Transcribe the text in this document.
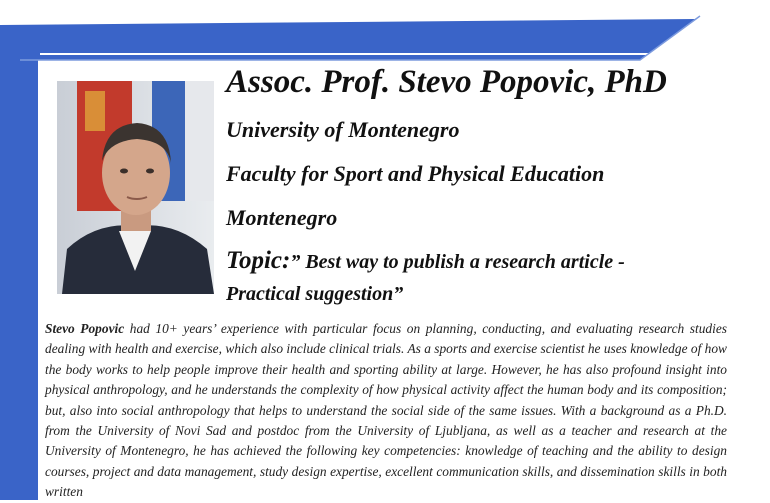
Assoc. Prof. Stevo Popovic, PhD

University of Montenegro

Faculty for Sport and Physical Education

Montenegro

Topic:” Best way to publish a research article -

Practical suggestion”

Stevo Popovic had 10+ years’ experience with particular focus on planning, conducting, and evaluating research studies dealing with health and exercise, which also include clinical trials. As a sports and exercise scientist he uses knowledge of how the body works to help people improve their health and sporting ability at large. However, he has also profound insight into physical anthropology, and he understands the complexity of how physical activity affect the human body and its composition; but, also into social anthropology that helps to understand the social side of the same issues. With a background as a Ph.D. from the University of Novi Sad and postdoc from the University of Ljubljana, as well as a teacher and research at the University of Montenegro, he has achieved the following key competencies: knowledge of teaching and the ability to design courses, project and data management, study design expertise, excellent communication skills, and dissemination skills in both written
